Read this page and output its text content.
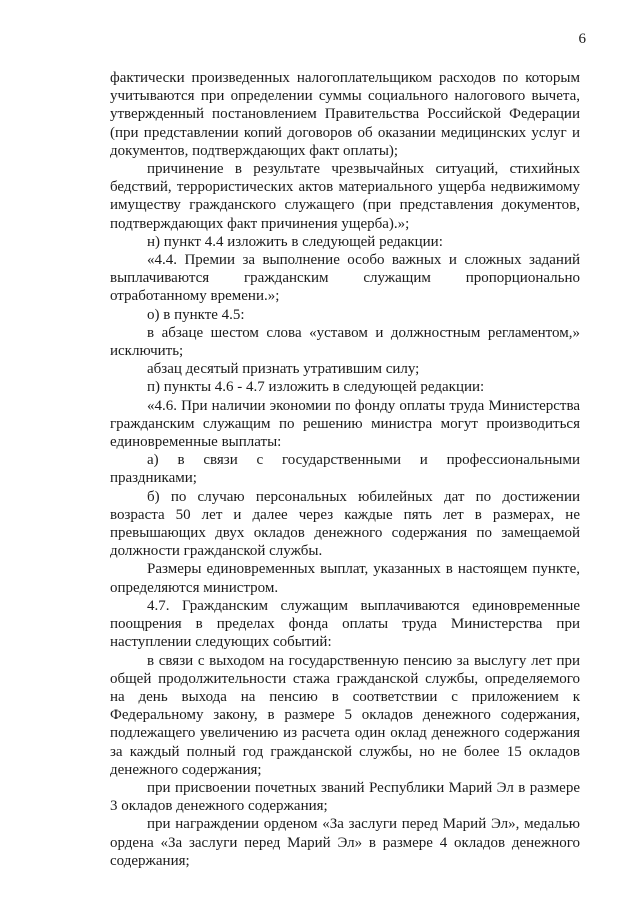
6

фактически произведенных налогоплательщиком расходов по которым учитываются при определении суммы социального налогового вычета, утвержденный постановлением Правительства Российской Федерации (при представлении копий договоров об оказании медицинских услуг и документов, подтверждающих факт оплаты);

причинение в результате чрезвычайных ситуаций, стихийных бедствий, террористических актов материального ущерба недвижимому имуществу гражданского служащего (при представления документов, подтверждающих факт причинения ущерба).»;

н) пункт 4.4 изложить в следующей редакции:

«4.4. Премии за выполнение особо важных и сложных заданий выплачиваются гражданским служащим пропорционально отработанному времени.»;

о) в пункте 4.5:

в абзаце шестом слова «уставом и должностным регламентом,» исключить;

абзац десятый признать утратившим силу;

п) пункты 4.6 - 4.7 изложить в следующей редакции:

«4.6. При наличии экономии по фонду оплаты труда Министерства гражданским служащим по решению министра могут производиться единовременные выплаты:

а) в связи с государственными и профессиональными праздниками;

б) по случаю персональных юбилейных дат по достижении возраста 50 лет и далее через каждые пять лет в размерах, не превышающих двух окладов денежного содержания по замещаемой должности гражданской службы.

Размеры единовременных выплат, указанных в настоящем пункте, определяются министром.

4.7. Гражданским служащим выплачиваются единовременные поощрения в пределах фонда оплаты труда Министерства при наступлении следующих событий:

в связи с выходом на государственную пенсию за выслугу лет при общей продолжительности стажа гражданской службы, определяемого на день выхода на пенсию в соответствии с приложением к Федеральному закону, в размере 5 окладов денежного содержания, подлежащего увеличению из расчета один оклад денежного содержания за каждый полный год гражданской службы, но не более 15 окладов денежного содержания;

при присвоении почетных званий Республики Марий Эл в размере 3 окладов денежного содержания;

при награждении орденом «За заслуги перед Марий Эл», медалью ордена «За заслуги перед Марий Эл» в размере 4 окладов денежного содержания;
